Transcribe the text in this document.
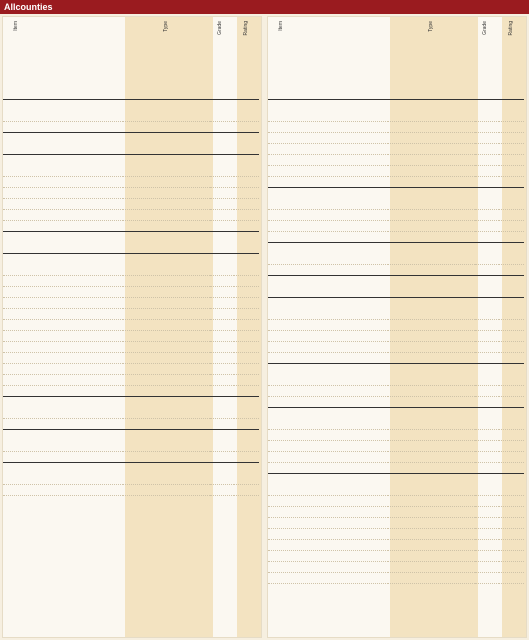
Allcounties
Item	Type	Grade	Rating

				Item	Type	Grade	Rating
